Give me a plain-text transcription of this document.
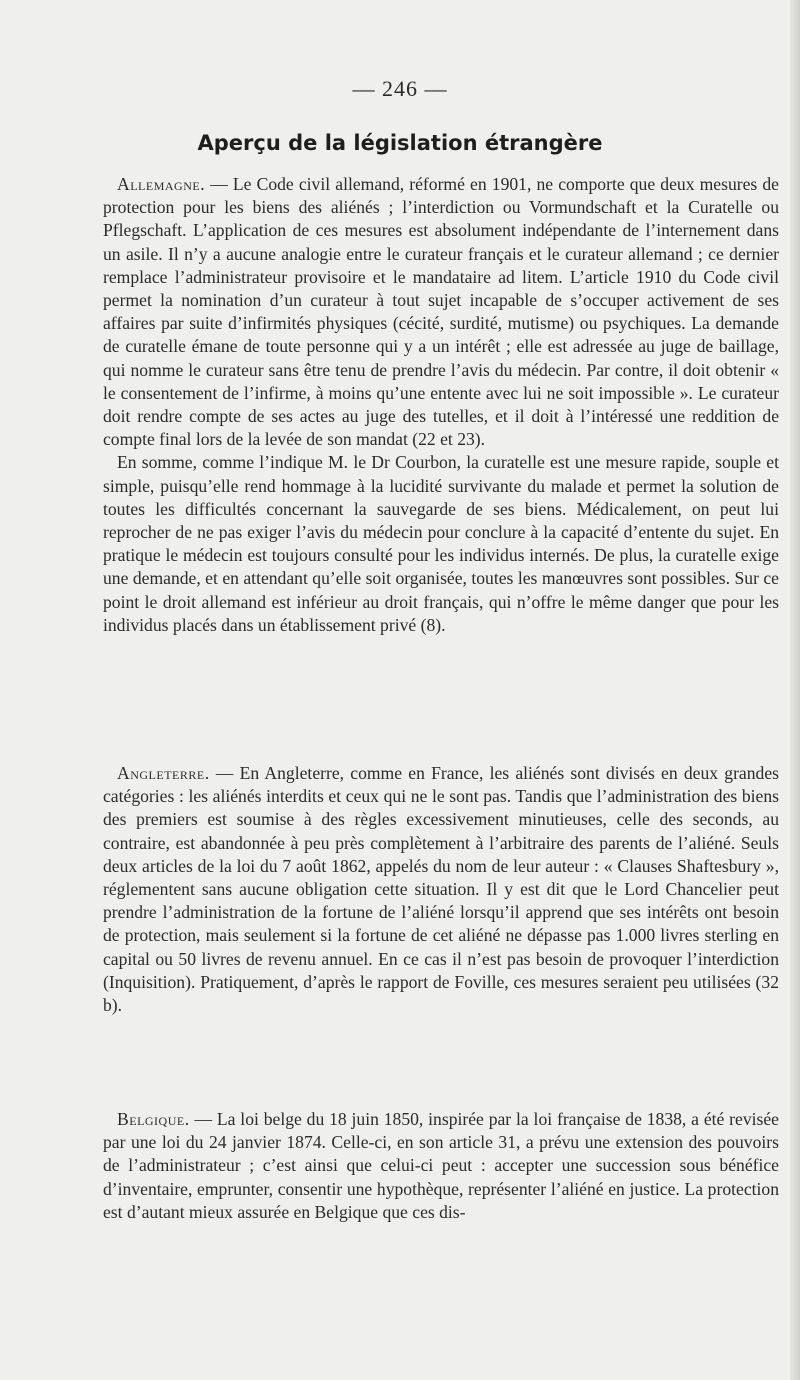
— 246 —
Aperçu de la législation étrangère

Allemagne. — Le Code civil allemand, réformé en 1901, ne comporte que deux mesures de protection pour les biens des aliénés ; l’interdiction ou Vormundschaft et la Curatelle ou Pflegschaft. L’application de ces mesures est absolument indépendante de l’internement dans un asile. Il n’y a aucune analogie entre le curateur français et le curateur allemand ; ce dernier remplace l’administrateur provisoire et le mandataire ad litem. L’article 1910 du Code civil permet la nomination d’un curateur à tout sujet incapable de s’occuper activement de ses affaires par suite d’infirmités physiques (cécité, surdité, mutisme) ou psychiques. La demande de curatelle émane de toute personne qui y a un intérêt ; elle est adressée au juge de baillage, qui nomme le curateur sans être tenu de prendre l’avis du médecin. Par contre, il doit obtenir « le consentement de l’infirme, à moins qu’une entente avec lui ne soit impossible ». Le curateur doit rendre compte de ses actes au juge des tutelles, et il doit à l’intéressé une reddition de compte final lors de la levée de son mandat (22 et 23).

En somme, comme l’indique M. le Dr Courbon, la curatelle est une mesure rapide, souple et simple, puisqu’elle rend hommage à la lucidité survivante du malade et permet la solution de toutes les difficultés concernant la sauvegarde de ses biens. Médicalement, on peut lui reprocher de ne pas exiger l’avis du médecin pour conclure à la capacité d’entente du sujet. En pratique le médecin est toujours consulté pour les individus internés. De plus, la curatelle exige une demande, et en attendant qu’elle soit organisée, toutes les manœuvres sont possibles. Sur ce point le droit allemand est inférieur au droit français, qui n’offre le même danger que pour les individus placés dans un établissement privé (8).

Angleterre. — En Angleterre, comme en France, les aliénés sont divisés en deux grandes catégories : les aliénés interdits et ceux qui ne le sont pas. Tandis que l’administration des biens des premiers est soumise à des règles excessivement minutieuses, celle des seconds, au contraire, est abandonnée à peu près complètement à l’arbitraire des parents de l’aliéné. Seuls deux articles de la loi du 7 août 1862, appelés du nom de leur auteur : « Clauses Shaftesbury », réglementent sans aucune obligation cette situation. Il y est dit que le Lord Chancelier peut prendre l’administration de la fortune de l’aliéné lorsqu’il apprend que ses intérêts ont besoin de protection, mais seulement si la fortune de cet aliéné ne dépasse pas 1.000 livres sterling en capital ou 50 livres de revenu annuel. En ce cas il n’est pas besoin de provoquer l’interdiction (Inquisition). Pratiquement, d’après le rapport de Foville, ces mesures seraient peu utilisées (32 b).

Belgique. — La loi belge du 18 juin 1850, inspirée par la loi française de 1838, a été revisée par une loi du 24 janvier 1874. Celle-ci, en son article 31, a prévu une extension des pouvoirs de l’administrateur ; c’est ainsi que celui-ci peut : accepter une succession sous bénéfice d’inventaire, emprunter, consentir une hypothèque, représenter l’aliéné en justice. La protection est d’autant mieux assurée en Belgique que ces dis-
